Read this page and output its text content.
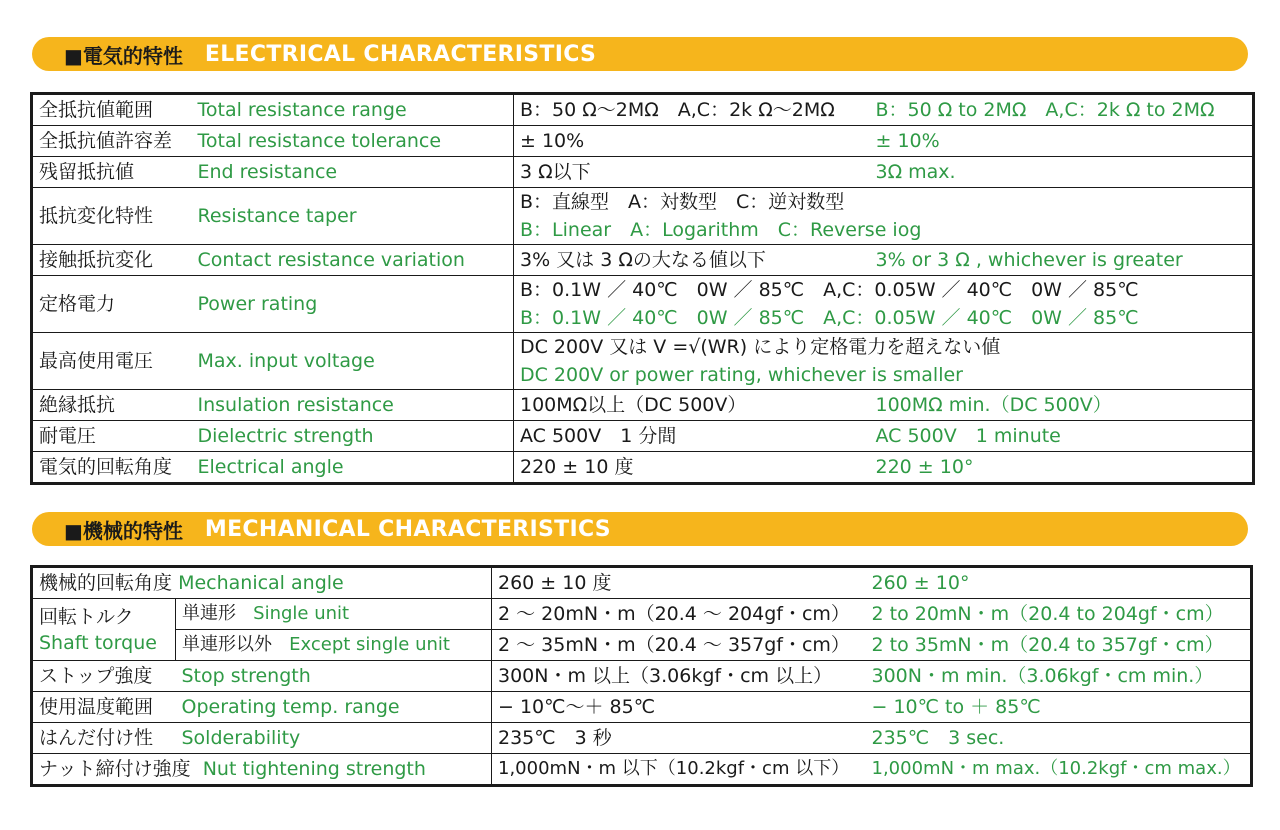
■電気的特性 ELECTRICAL CHARACTERISTICS
全抵抗値範囲	Total resistance range	B：50 Ω〜2MΩ　A,C：2k Ω〜2MΩ	B：50 Ω to 2MΩ　A,C：2k Ω to 2MΩ
全抵抗値許容差	Total resistance tolerance	± 10%	± 10%
残留抵抗値	End resistance	3 Ω以下	3Ω max.
抵抗変化特性	Resistance taper	B：直線型　A：対数型　C：逆対数型
B：Linear　A：Logarithm　C：Reverse iog	

接触抵抗変化	Contact resistance variation	3% 又は 3 Ωの大なる値以下	3% or 3 Ω , whichever is greater
定格電力	Power rating	B：0.1W ／ 40℃　0W ／ 85℃　A,C：0.05W ／ 40℃　0W ／ 85℃
B：0.1W ／ 40℃　0W ／ 85℃　A,C：0.05W ／ 40℃　0W ／ 85℃	

最高使用電圧	Max. input voltage	DC 200V 又は V =√(WR) により定格電力を超えない値
DC 200V or power rating, whichever is smaller	

絶縁抵抗	Insulation resistance	100MΩ以上（DC 500V）	100MΩ min.（DC 500V）
耐電圧	Dielectric strength	AC 500V　1 分間	AC 500V　1 minute
電気的回転角度	Electrical angle	220 ± 10 度	220 ± 10°
■機械的特性 MECHANICAL CHARACTERISTICS
機械的回転角度 Mechanical angle		260 ± 10 度	260 ± 10°

回転トルク
Shaft torque	単連形 Single unit	2 〜 20mN・m（20.4 〜 204gf・cm）	2 to 20mN・m（20.4 to 204gf・cm）
	単連形以外 Except single unit	2 〜 35mN・m（20.4 〜 357gf・cm）	2 to 35mN・m（20.4 to 357gf・cm）
ストップ強度	Stop strength	300N・m 以上（3.06kgf・cm 以上）	300N・m min.（3.06kgf・cm min.）
使用温度範囲	Operating temp. range	− 10℃〜＋ 85℃	− 10℃ to ＋ 85℃
はんだ付け性	Solderability	235℃　3 秒	235℃　3 sec.
ナット締付け強度 Nut tightening strength		1,000mN・m 以下（10.2kgf・cm 以下）	1,000mN・m max.（10.2kgf・cm max.）
